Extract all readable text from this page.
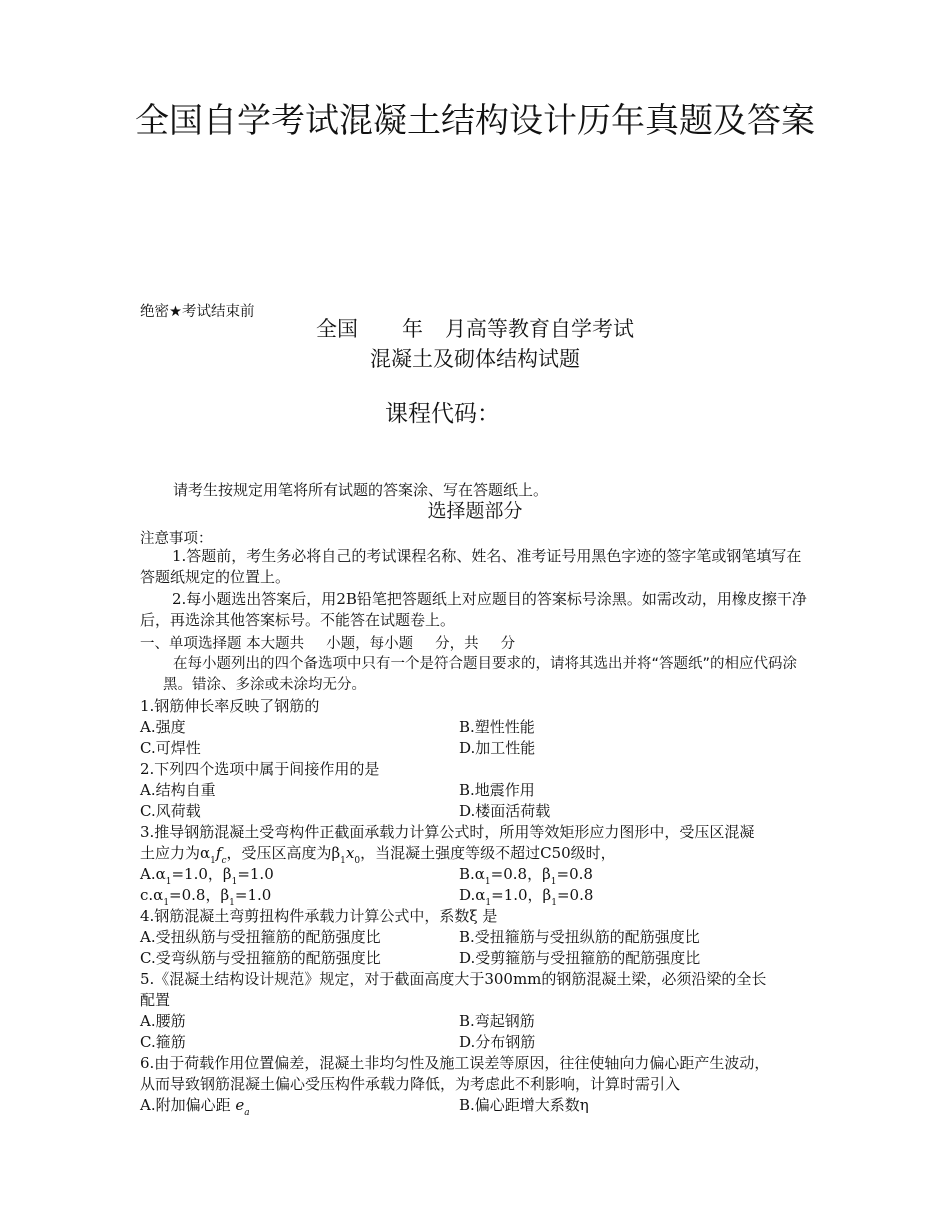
全国自学考试混凝土结构设计历年真题及答案
绝密★考试结束前
全国 年 月高等教育自学考试
混凝土及砌体结构试题
课程代码：
请考生按规定用笔将所有试题的答案涂、写在答题纸上。
选择题部分
注意事项：
1.答题前，考生务必将自己的考试课程名称、姓名、准考证号用黑色字迹的签字笔或钢笔填写在答题纸规定的位置上。
2.每小题选出答案后，用2B铅笔把答题纸上对应题目的答案标号涂黑。如需改动，用橡皮擦干净后，再选涂其他答案标号。不能答在试题卷上。
一、单项选择题 本大题共 小题，每小题 分，共 分
在每小题列出的四个备选项中只有一个是符合题目要求的，请将其选出并将“答题纸”的相应代码涂黑。错涂、多涂或未涂均无分。
1.钢筋伸长率反映了钢筋的
A.强度	B.塑性性能
C.可焊性	D.加工性能
2.下列四个选项中属于间接作用的是
A.结构自重	B.地震作用
C.风荷载	D.楼面活荷载
3.推导钢筋混凝土受弯构件正截面承载力计算公式时，所用等效矩形应力图形中，受压区混凝
土应力为$\alpha_1f_c$，受压区高度为$\beta_1x_0$，当混凝土强度等级不超过C50级时，
$A.\alpha_1=1.0$，$\beta_1=1.0$	$B.\alpha_1=0.8$，$\beta_1=0.8$
$c.\alpha_1=0.8$，$\beta_1=1.0$	$D.\alpha_1=1.0$，$\beta_1=0.8$
4.钢筋混凝土弯剪扭构件承载力计算公式中，系数ξ 是
A.受扭纵筋与受扭箍筋的配筋强度比	B.受扭箍筋与受扭纵筋的配筋强度比
C.受弯纵筋与受扭箍筋的配筋强度比	D.受剪箍筋与受扭箍筋的配筋强度比
5.《混凝土结构设计规范》规定，对于截面高度大于300mm的钢筋混凝土梁，必须沿梁的全长
配置
A.腰筋	B.弯起钢筋
C.箍筋	D.分布钢筋
6.由于荷载作用位置偏差，混凝土非均匀性及施工误差等原因，往往使轴向力偏心距产生波动，
从而导致钢筋混凝土偏心受压构件承载力降低，为考虑此不利影响，计算时需引入
A.附加偏心距 $e_a$	B.偏心距增大系数η
